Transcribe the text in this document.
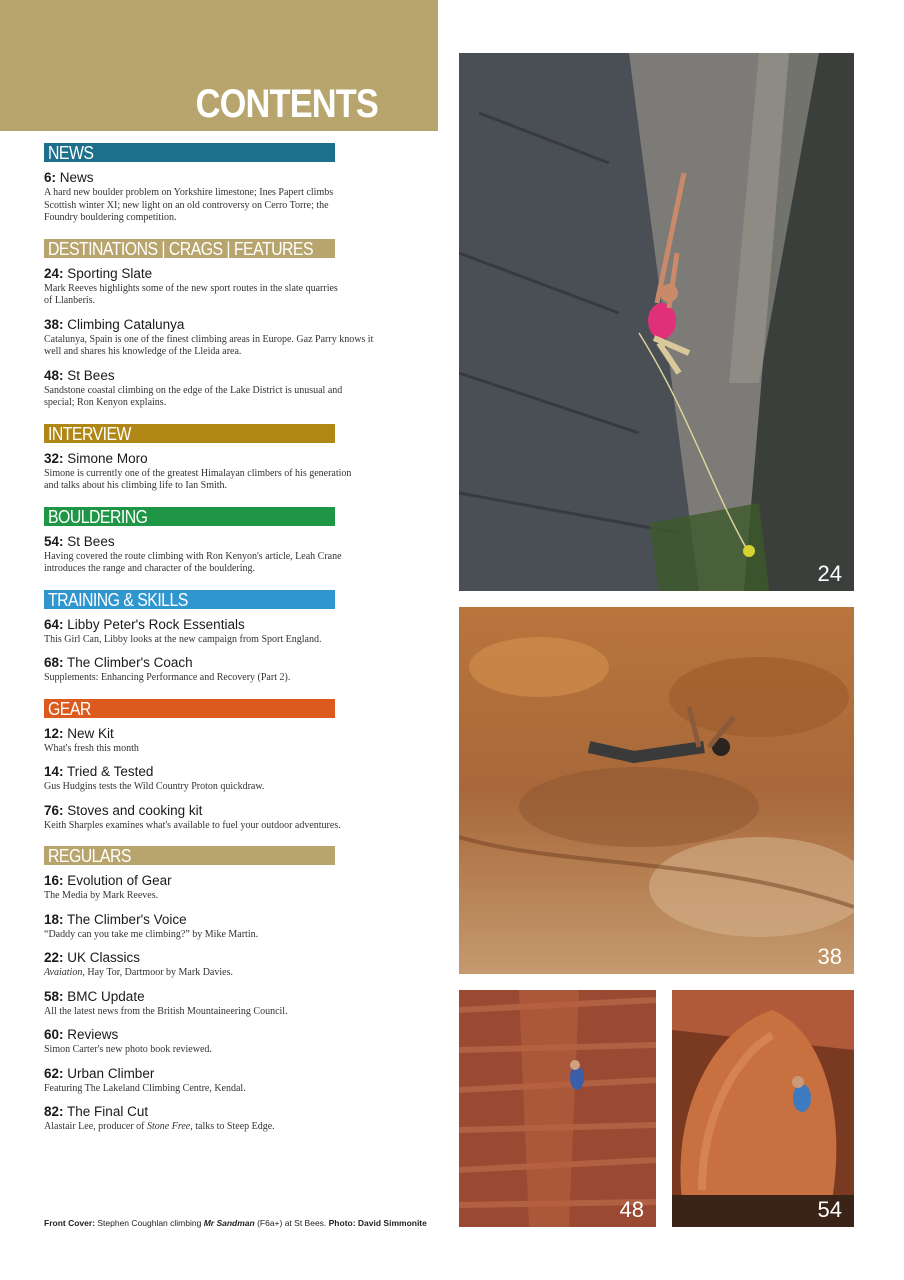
CONTENTS
NEWS

6: News

A hard new boulder problem on Yorkshire limestone; Ines Papert climbs Scottish winter XI; new light on an old controversy on Cerro Torre; the Foundry bouldering competition.

DESTINATIONS | CRAGS | FEATURES

24: Sporting Slate

Mark Reeves highlights some of the new sport routes in the slate quarries of Llanberis.

38: Climbing Catalunya

Catalunya, Spain is one of the finest climbing areas in Europe. Gaz Parry knows it well and shares his knowledge of the Lleida area.

48: St Bees

Sandstone coastal climbing on the edge of the Lake District is unusual and special; Ron Kenyon explains.

INTERVIEW

32: Simone Moro

Simone is currently one of the greatest Himalayan climbers of his generation and talks about his climbing life to Ian Smith.

BOULDERING

54: St Bees

Having covered the route climbing with Ron Kenyon's article, Leah Crane introduces the range and character of the bouldering.

TRAINING & SKILLS

64: Libby Peter's Rock Essentials

This Girl Can, Libby looks at the new campaign from Sport England.

68: The Climber's Coach

Supplements: Enhancing Performance and Recovery (Part 2).

GEAR

12: New Kit

What's fresh this month

14: Tried & Tested

Gus Hudgins tests the Wild Country Proton quickdraw.

76: Stoves and cooking kit

Keith Sharples examines what's available to fuel your outdoor adventures.

REGULARS

16: Evolution of Gear

The Media by Mark Reeves.

18: The Climber's Voice

“Daddy can you take me climbing?” by Mike Martin.

22: UK Classics

Avaiation, Hay Tor, Dartmoor by Mark Davies.

58: BMC Update

All the latest news from the British Mountaineering Council.

60: Reviews

Simon Carter's new photo book reviewed.

62: Urban Climber

Featuring The Lakeland Climbing Centre, Kendal.

82: The Final Cut

Alastair Lee, producer of Stone Free, talks to Steep Edge.

Front Cover: Stephen Coughlan climbing Mr Sandman (F6a+) at St Bees. Photo: David Simmonite
24
38
48	54
